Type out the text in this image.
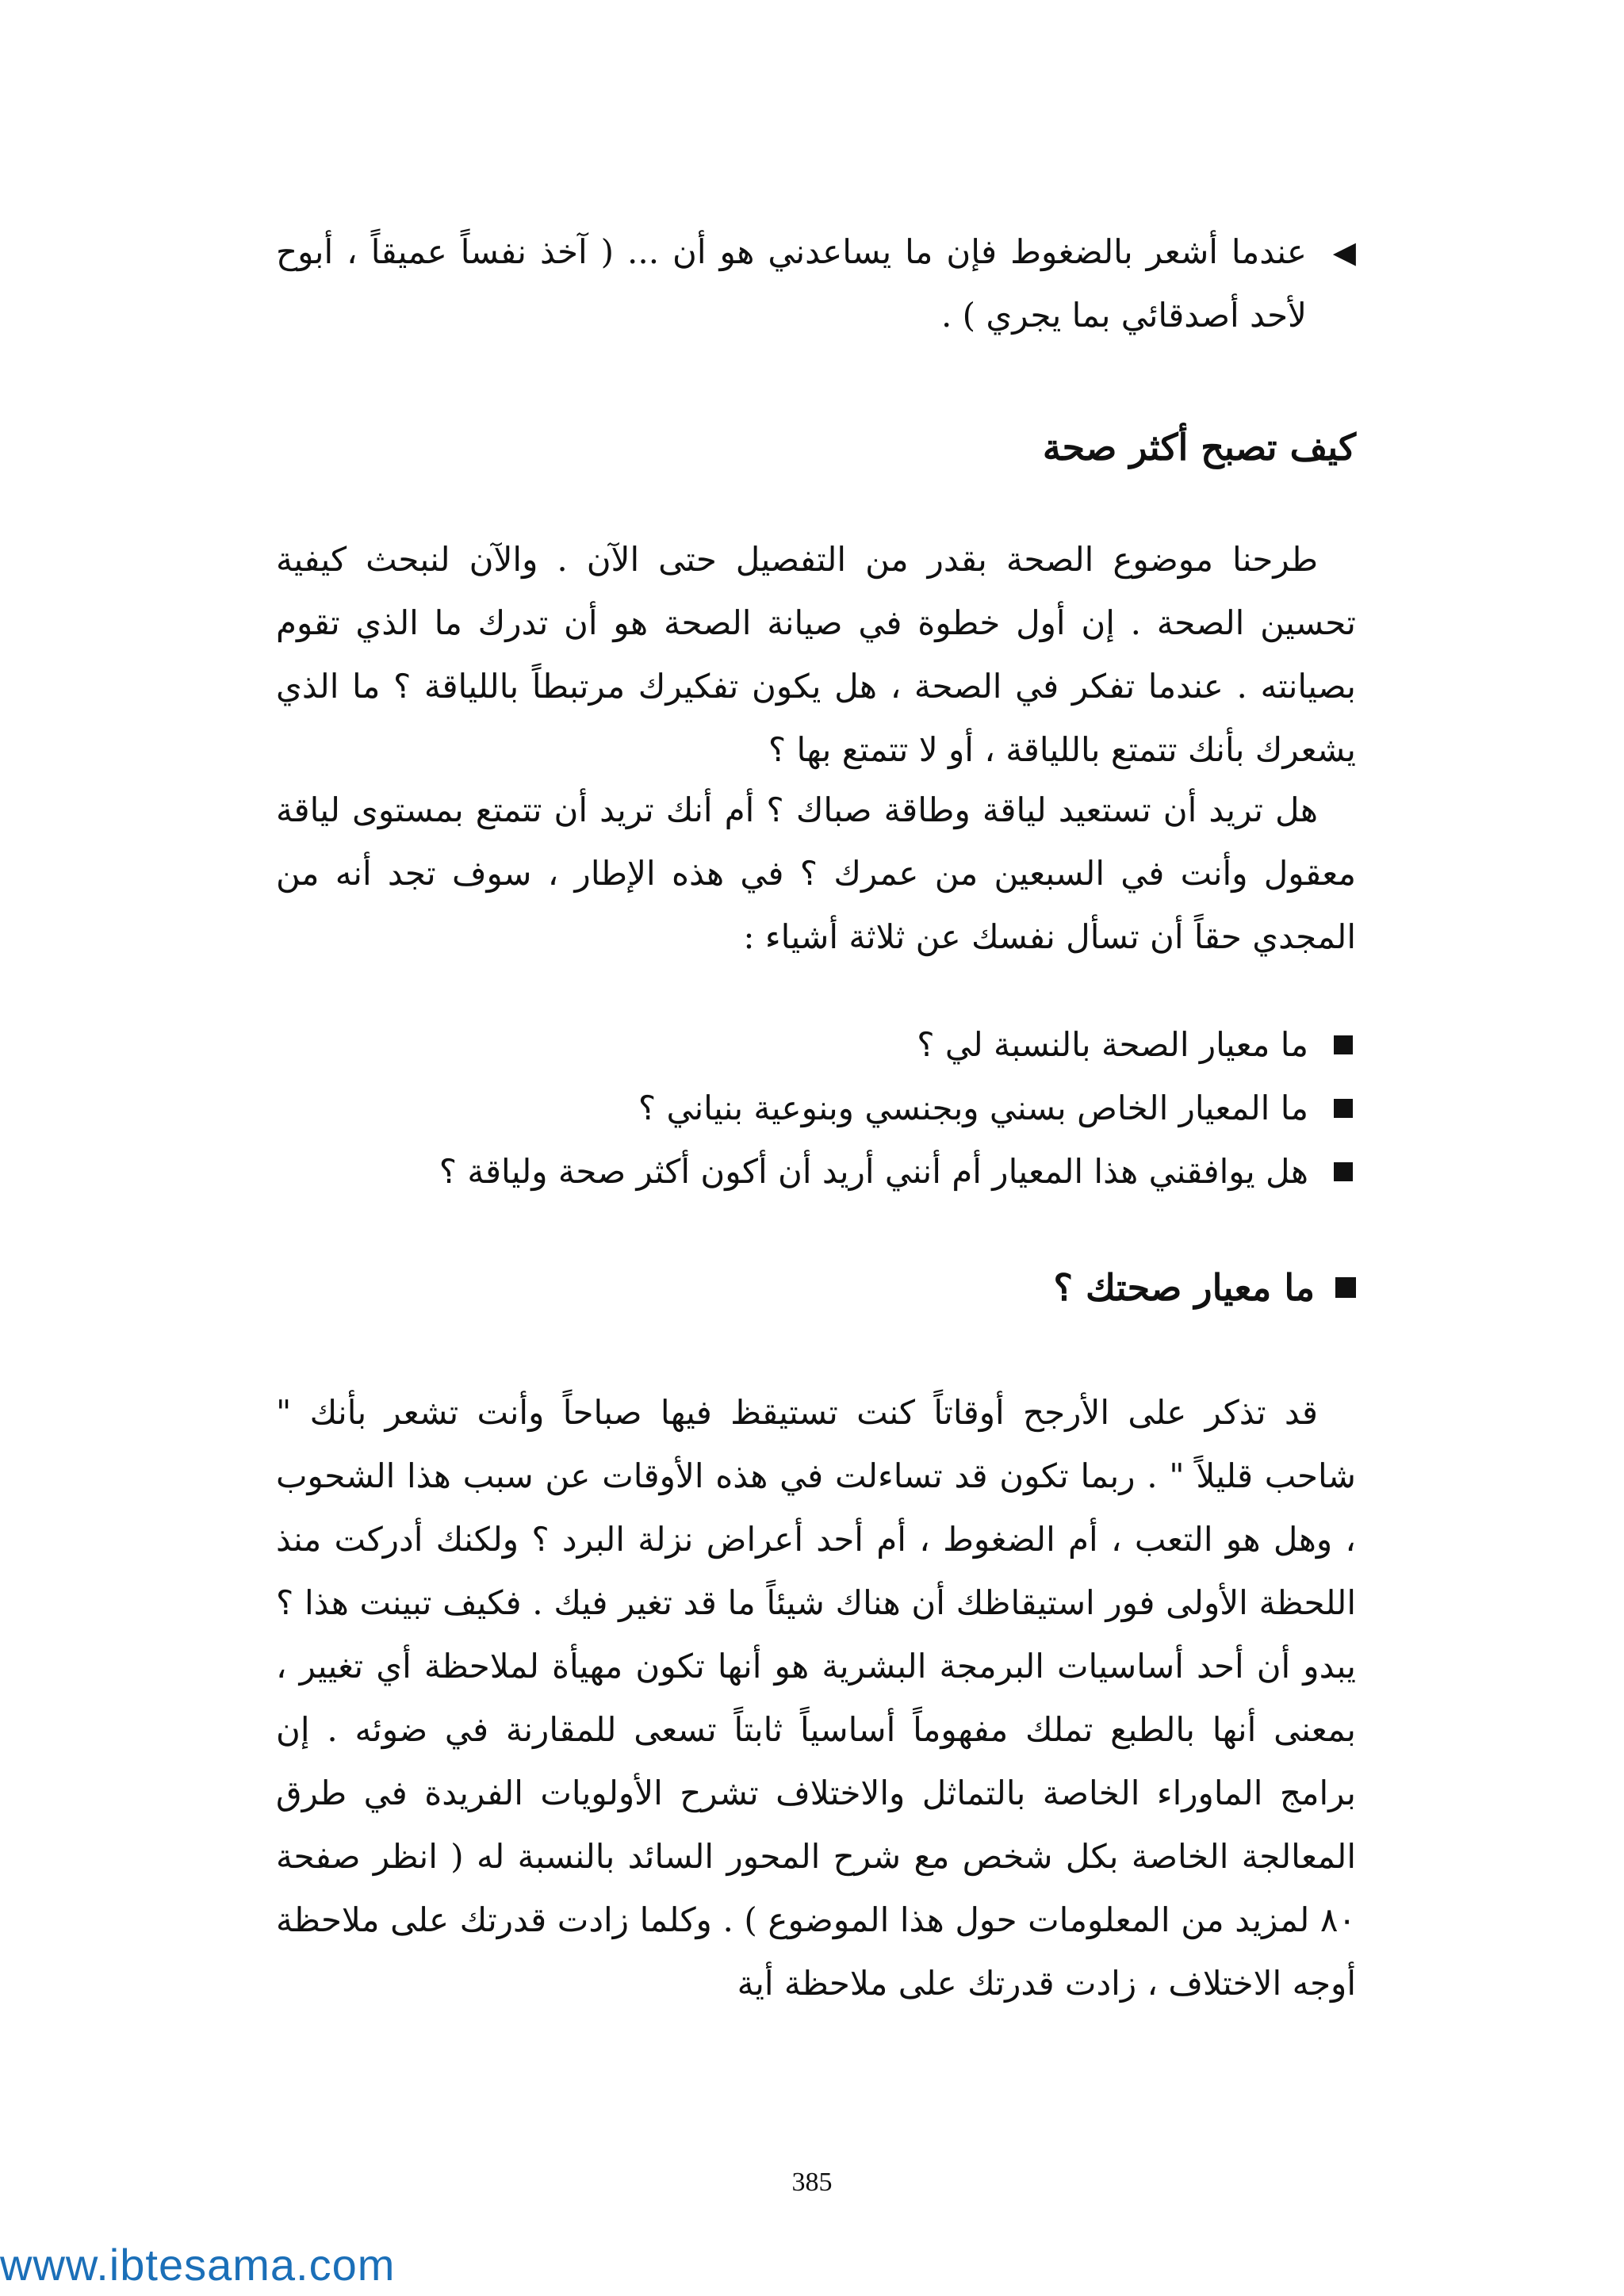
◀
عندما أشعر بالضغوط فإن ما يساعدني هو أن ... ( آخذ نفساً عميقاً ، أبوح لأحد أصدقائي بما يجري ) .
كيف تصبح أكثر صحة
طرحنا موضوع الصحة بقدر من التفصيل حتى الآن . والآن لنبحث كيفية تحسين الصحة . إن أول خطوة في صيانة الصحة هو أن تدرك ما الذي تقوم بصيانته . عندما تفكر في الصحة ، هل يكون تفكيرك مرتبطاً باللياقة ؟ ما الذي يشعرك بأنك تتمتع باللياقة ، أو لا تتمتع بها ؟
هل تريد أن تستعيد لياقة وطاقة صباك ؟ أم أنك تريد أن تتمتع بمستوى لياقة معقول وأنت في السبعين من عمرك ؟ في هذه الإطار ، سوف تجد أنه من المجدي حقاً أن تسأل نفسك عن ثلاثة أشياء :
ما معيار الصحة بالنسبة لي ؟
ما المعيار الخاص بسني وبجنسي وبنوعية بنياني ؟
هل يوافقني هذا المعيار أم أنني أريد أن أكون أكثر صحة ولياقة ؟
ما معيار صحتك ؟
قد تذكر على الأرجح أوقاتاً كنت تستيقظ فيها صباحاً وأنت تشعر بأنك " شاحب قليلاً " . ربما تكون قد تساءلت في هذه الأوقات عن سبب هذا الشحوب ، وهل هو التعب ، أم الضغوط ، أم أحد أعراض نزلة البرد ؟ ولكنك أدركت منذ اللحظة الأولى فور استيقاظك أن هناك شيئاً ما قد تغير فيك . فكيف تبينت هذا ؟ يبدو أن أحد أساسيات البرمجة البشرية هو أنها تكون مهيأة لملاحظة أي تغيير ، بمعنى أنها بالطبع تملك مفهوماً أساسياً ثابتاً تسعى للمقارنة في ضوئه . إن برامج الماوراء الخاصة بالتماثل والاختلاف تشرح الأولويات الفريدة في طرق المعالجة الخاصة بكل شخص مع شرح المحور السائد بالنسبة له ( انظر صفحة ٨٠ لمزيد من المعلومات حول هذا الموضوع ) . وكلما زادت قدرتك على ملاحظة أوجه الاختلاف ، زادت قدرتك على ملاحظة أية
385
www.ibtesama.com
